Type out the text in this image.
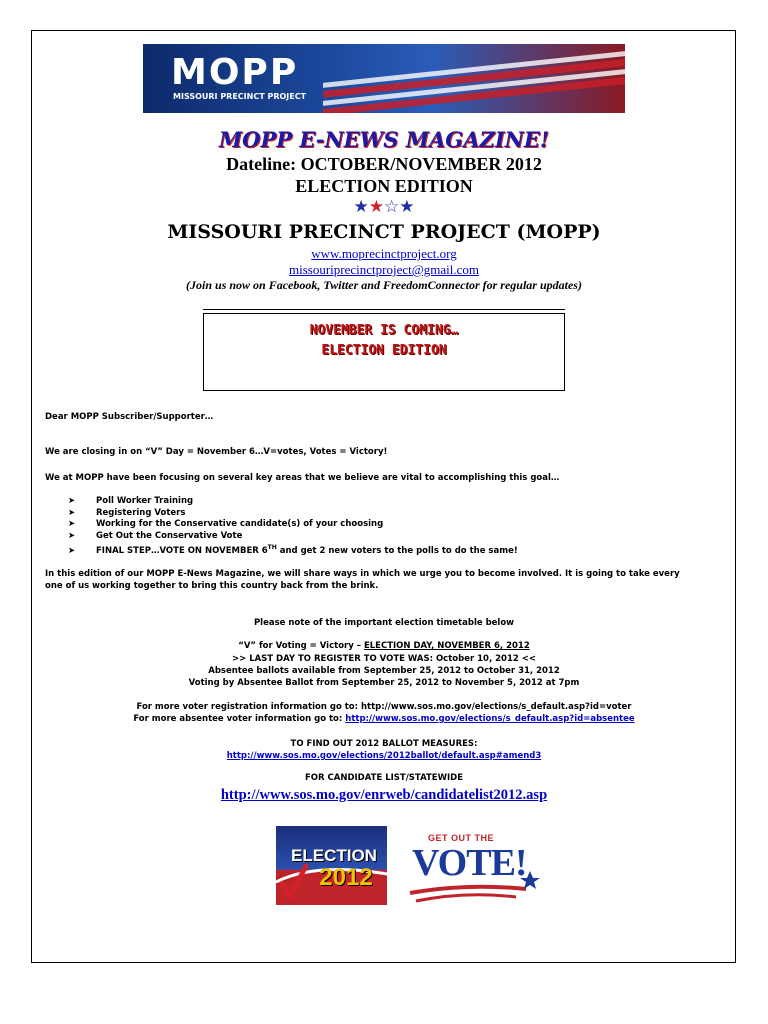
MOPP
MISSOURI PRECINCT PROJECT
MOPP E-NEWS MAGAZINE!
Dateline: OCTOBER/NOVEMBER 2012
ELECTION EDITION
★★☆★
MISSOURI PRECINCT PROJECT (MOPP)
www.moprecinctproject.org
missouriprecinctproject@gmail.com
(Join us now on Facebook, Twitter and FreedomConnector for regular updates)
NOVEMBER IS COMING…
ELECTION EDITION
Dear MOPP Subscriber/Supporter…
We are closing in on “V” Day = November 6…V=votes, Votes = Victory!
We at MOPP have been focusing on several key areas that we believe are vital to accomplishing this goal…
➤ Poll Worker Training
➤ Registering Voters
➤ Working for the Conservative candidate(s) of your choosing
➤ Get Out the Conservative Vote
➤ FINAL STEP…VOTE ON NOVEMBER 6TH and get 2 new voters to the polls to do the same!
In this edition of our MOPP E-News Magazine, we will share ways in which we urge you to become involved. It is going to take every
one of us working together to bring this country back from the brink.
Please note of the important election timetable below
“V” for Voting = Victory – ELECTION DAY, NOVEMBER 6, 2012
>> LAST DAY TO REGISTER TO VOTE WAS: October 10, 2012 <<
Absentee ballots available from September 25, 2012 to October 31, 2012
Voting by Absentee Ballot from September 25, 2012 to November 5, 2012 at 7pm
For more voter registration information go to: http://www.sos.mo.gov/elections/s_default.asp?id=voter
For more absentee voter information go to: http://www.sos.mo.gov/elections/s_default.asp?id=absentee
TO FIND OUT 2012 BALLOT MEASURES:
http://www.sos.mo.gov/elections/2012ballot/default.asp#amend3
FOR CANDIDATE LIST/STATEWIDE
http://www.sos.mo.gov/enrweb/candidatelist2012.asp
ELECTION
2012
GET OUT THE
VOTE!
